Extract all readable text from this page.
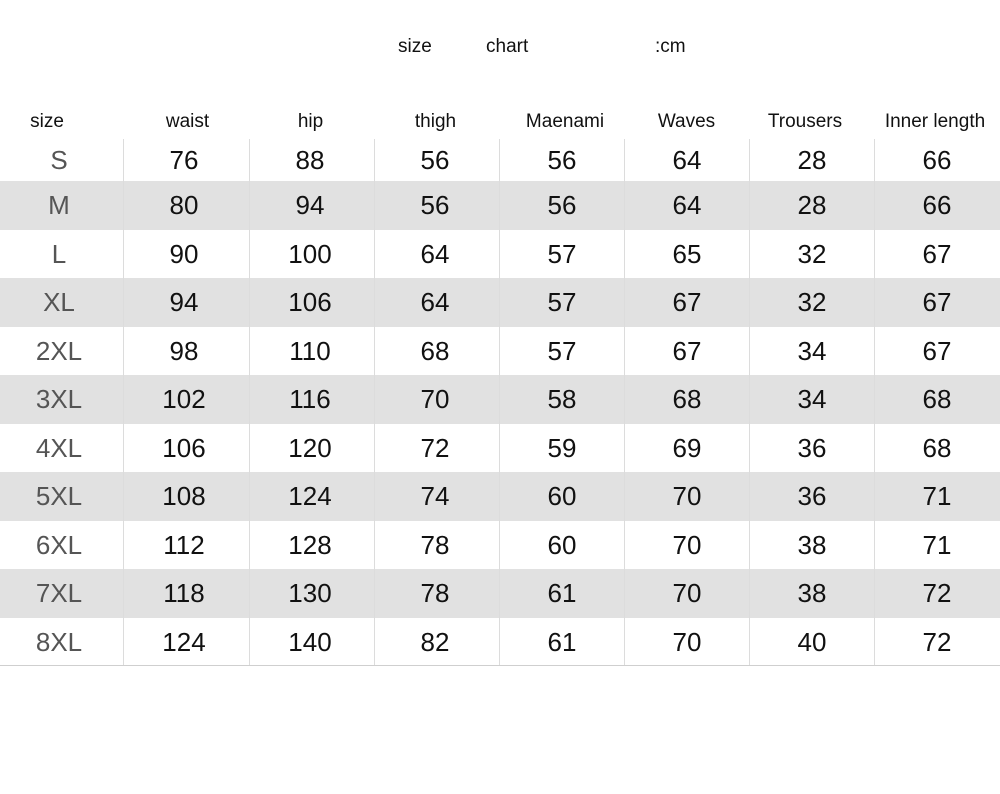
size	chart	:cm
size	waist	hip	thigh	Maenami	Waves	Trousers	Inner length
S	76	88	56	56	64	28	66
M	80	94	56	56	64	28	66
L	90	100	64	57	65	32	67
XL	94	106	64	57	67	32	67
2XL	98	110	68	57	67	34	67
3XL	102	116	70	58	68	34	68
4XL	106	120	72	59	69	36	68
5XL	108	124	74	60	70	36	71
6XL	112	128	78	60	70	38	71
7XL	118	130	78	61	70	38	72
8XL	124	140	82	61	70	40	72
